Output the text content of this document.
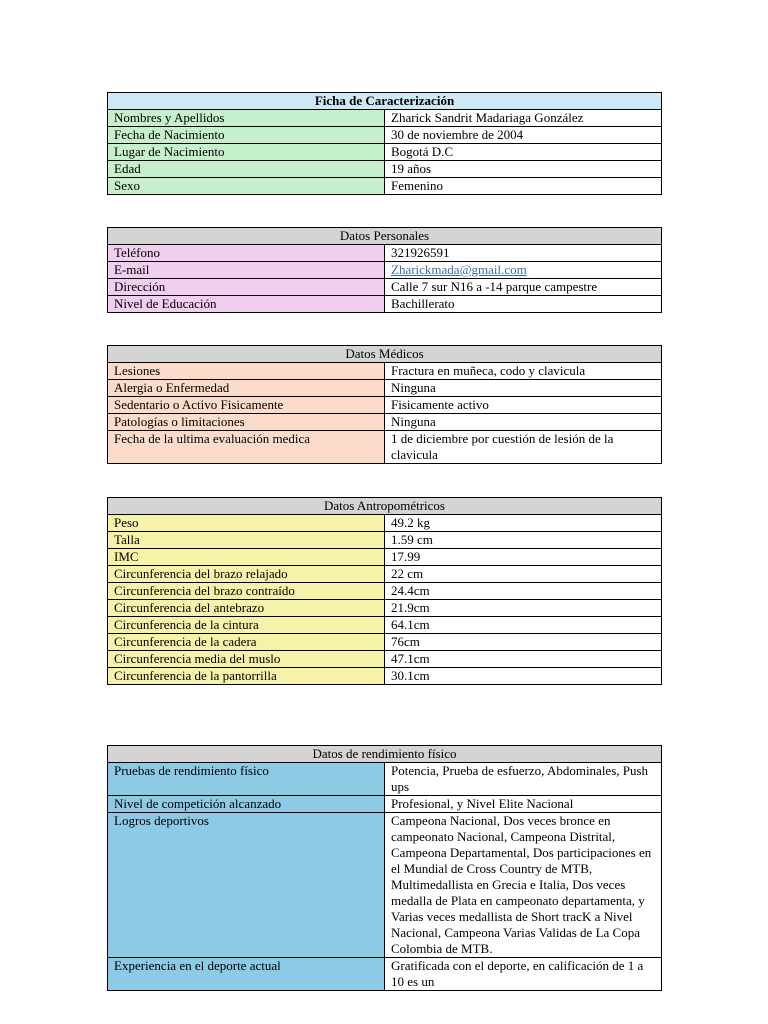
Ficha de Caracterización	
Nombres y Apellidos	Zharick Sandrit Madariaga González
Fecha de Nacimiento	30 de noviembre de 2004
Lugar de Nacimiento	Bogotá D.C
Edad	19 años
Sexo	Femenino
Datos Personales	
Teléfono	321926591
E-mail	Zharickmada@gmail.com
Dirección	Calle 7 sur N16 a -14 parque campestre
Nivel de Educación	Bachillerato
Datos Médicos	
Lesiones	Fractura en muñeca, codo y clavicula
Alergia o Enfermedad	Ninguna
Sedentario o Activo Fisicamente	Fisicamente activo
Patologías o limitaciones	Ninguna
Fecha de la ultima evaluación medica	1 de diciembre por cuestión de lesión de la clavicula
Datos Antropométricos	
Peso	49.2 kg
Talla	1.59 cm
IMC	17.99
Circunferencia del brazo relajado	22 cm
Circunferencia del brazo contraído	24.4cm
Circunferencia del antebrazo	21.9cm
Circunferencia de la cintura	64.1cm
Circunferencia de la cadera	76cm
Circunferencia media del muslo	47.1cm
Circunferencia de la pantorrilla	30.1cm
Datos de rendimiento físico	
Pruebas de rendimiento físico	Potencia, Prueba de esfuerzo, Abdominales, Push ups
Nivel de competición alcanzado	Profesional, y Nivel Elite Nacional
Logros deportivos	Campeona Nacional, Dos veces bronce en campeonato Nacional, Campeona Distrital, Campeona Departamental, Dos participaciones en el Mundial de Cross Country de MTB, Multimedallista en Grecia e Italia, Dos veces medalla de Plata en campeonato departamenta, y Varias veces medallista de Short tracK a Nivel Nacional, Campeona Varias Validas de La Copa Colombia de MTB.
Experiencia en el deporte actual	Gratificada con el deporte, en calificación de 1 a 10 es un
